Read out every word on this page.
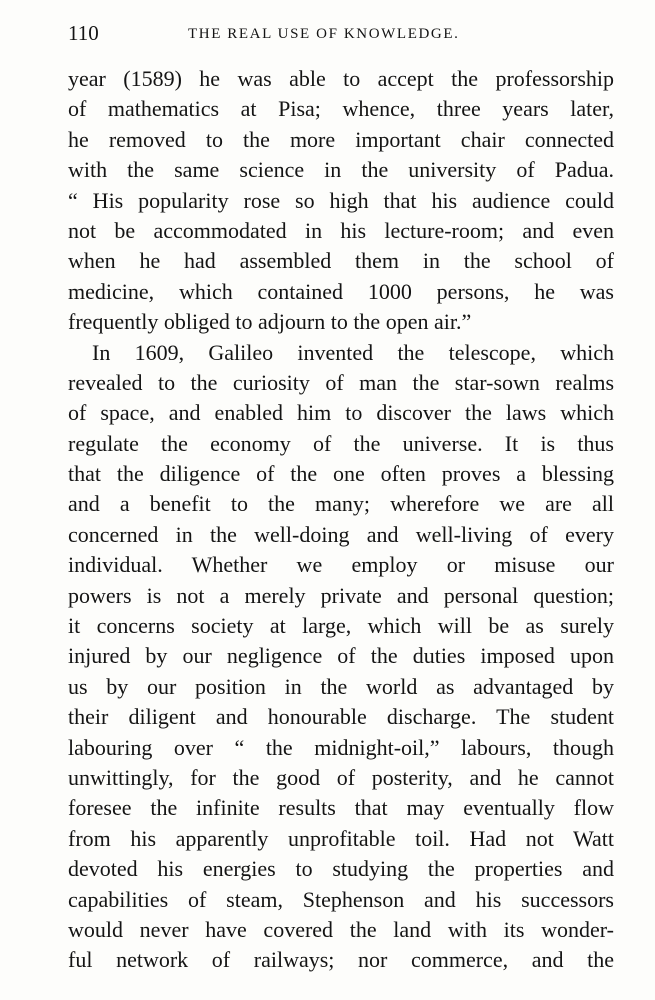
110	THE REAL USE OF KNOWLEDGE.
year (1589) he was able to accept the professorship
of mathematics at Pisa; whence, three years later,
he removed to the more important chair connected
with the same science in the university of Padua.
“ His popularity rose so high that his audience could
not be accommodated in his lecture-room; and even
when he had assembled them in the school of
medicine, which contained 1000 persons, he was
frequently obliged to adjourn to the open air.”
In 1609, Galileo invented the telescope, which
revealed to the curiosity of man the star-sown realms
of space, and enabled him to discover the laws which
regulate the economy of the universe. It is thus
that the diligence of the one often proves a blessing
and a benefit to the many; wherefore we are all
concerned in the well-doing and well-living of every
individual. Whether we employ or misuse our
powers is not a merely private and personal question;
it concerns society at large, which will be as surely
injured by our negligence of the duties imposed upon
us by our position in the world as advantaged by
their diligent and honourable discharge. The student
labouring over “ the midnight-oil,” labours, though
unwittingly, for the good of posterity, and he cannot
foresee the infinite results that may eventually flow
from his apparently unprofitable toil. Had not Watt
devoted his energies to studying the properties and
capabilities of steam, Stephenson and his successors
would never have covered the land with its wonder-
ful network of railways; nor commerce, and the
